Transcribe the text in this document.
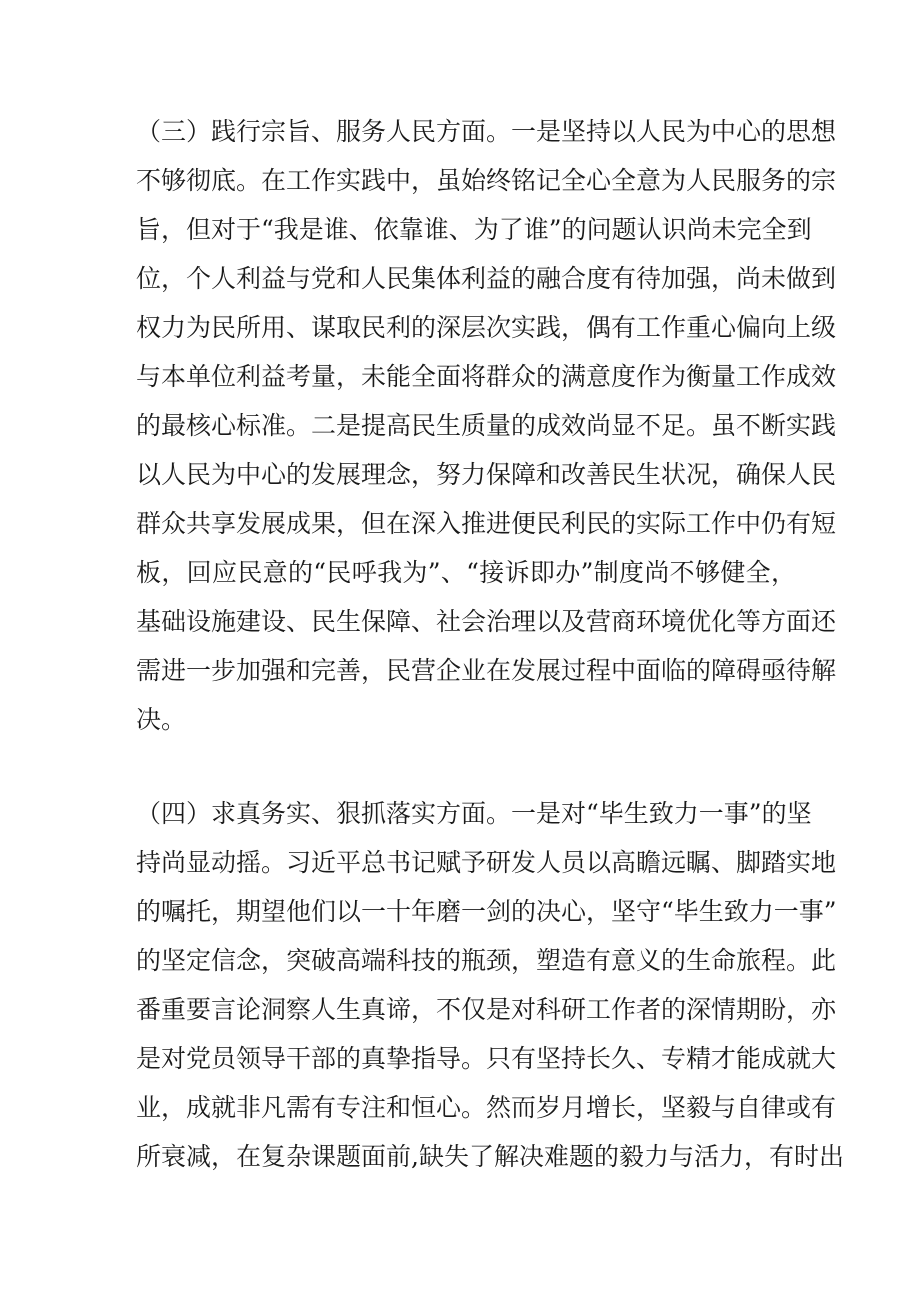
（三）践行宗旨、服务人民方面。一是坚持以人民为中心的思想
不够彻底。在工作实践中，虽始终铭记全心全意为人民服务的宗
旨，但对于“我是谁、依靠谁、为了谁”的问题认识尚未完全到
位，个人利益与党和人民集体利益的融合度有待加强，尚未做到
权力为民所用、谋取民利的深层次实践，偶有工作重心偏向上级
与本单位利益考量，未能全面将群众的满意度作为衡量工作成效
的最核心标准。二是提高民生质量的成效尚显不足。虽不断实践
以人民为中心的发展理念，努力保障和改善民生状况，确保人民
群众共享发展成果，但在深入推进便民利民的实际工作中仍有短
板，回应民意的“民呼我为”、“接诉即办”制度尚不够健全，
基础设施建设、民生保障、社会治理以及营商环境优化等方面还
需进一步加强和完善，民营企业在发展过程中面临的障碍亟待解
决。
（四）求真务实、狠抓落实方面。一是对“毕生致力一事”的坚
持尚显动摇。习近平总书记赋予研发人员以高瞻远瞩、脚踏实地
的嘱托，期望他们以一十年磨一剑的决心，坚守“毕生致力一事”
的坚定信念，突破高端科技的瓶颈，塑造有意义的生命旅程。此
番重要言论洞察人生真谛，不仅是对科研工作者的深情期盼，亦
是对党员领导干部的真挚指导。只有坚持长久、专精才能成就大
业，成就非凡需有专注和恒心。然而岁月增长，坚毅与自律或有
所衰减，在复杂课题面前,缺失了解决难题的毅力与活力，有时出
